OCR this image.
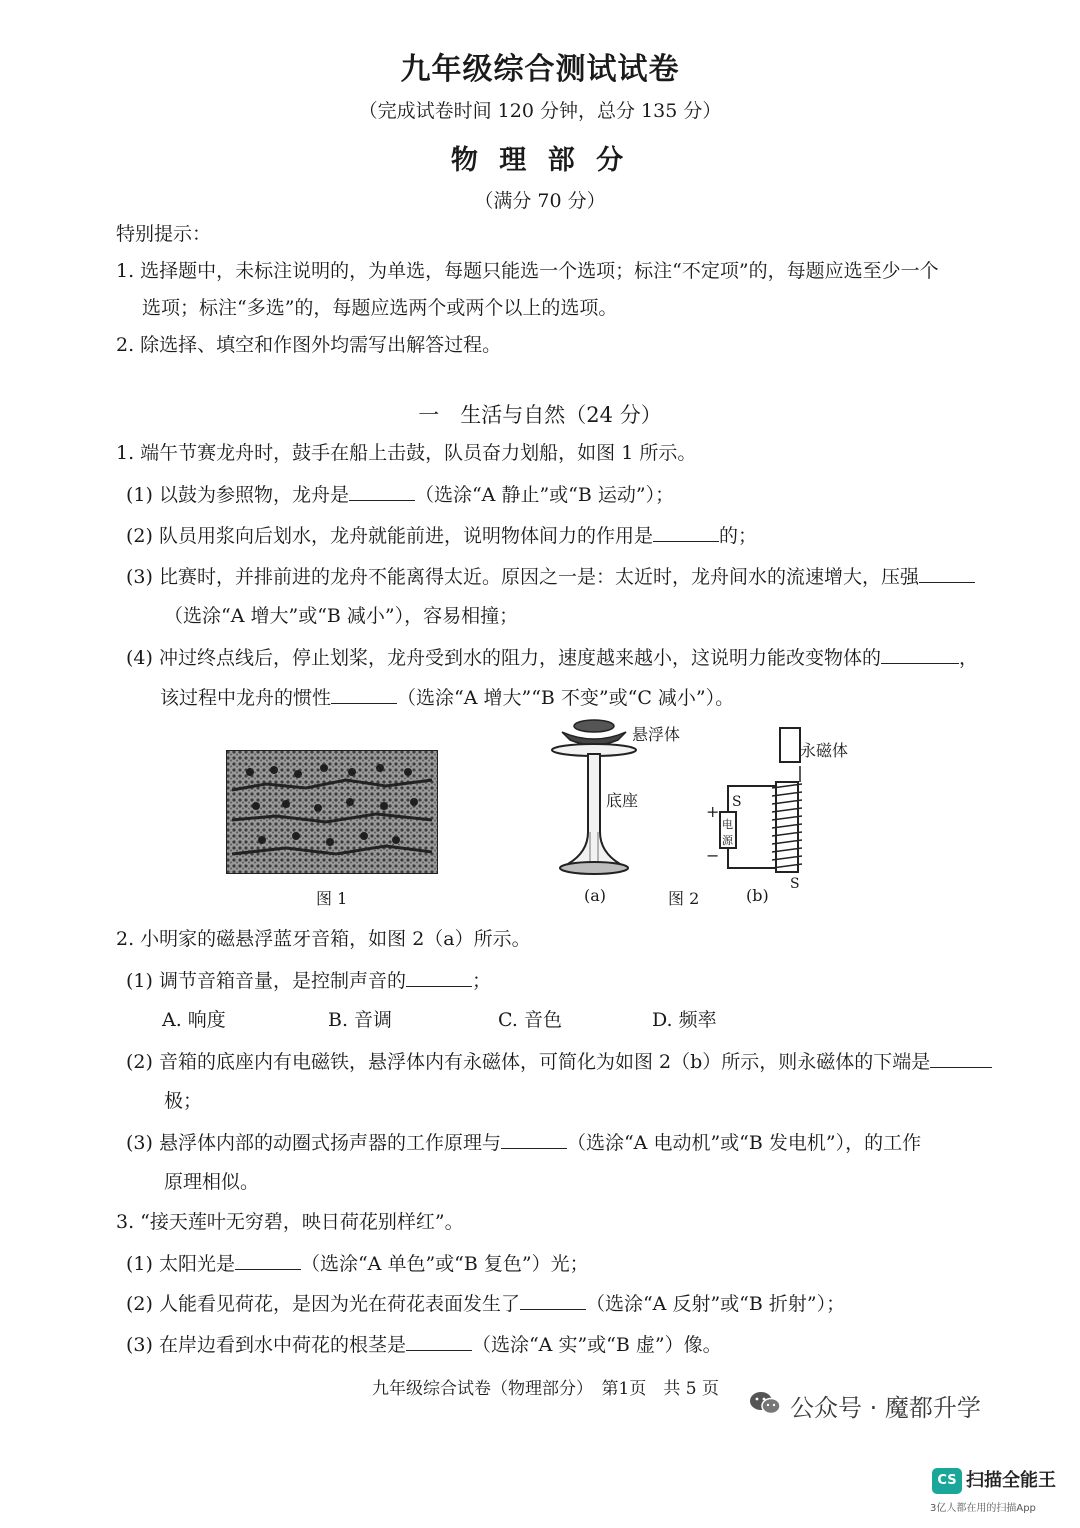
九年级综合测试试卷
（完成试卷时间 120 分钟，总分 135 分）
物 理 部 分
（满分 70 分）
特别提示：
1. 选择题中，未标注说明的，为单选，每题只能选一个选项；标注“不定项”的，每题应选至少一个
选项；标注“多选”的，每题应选两个或两个以上的选项。
2. 除选择、填空和作图外均需写出解答过程。
一　生活与自然（24 分）
1. 端午节赛龙舟时，鼓手在船上击鼓，队员奋力划船，如图 1 所示。
(1) 以鼓为参照物，龙舟是	（选涂“A 静止”或“B 运动”）；
(2) 队员用浆向后划水，龙舟就能前进，说明物体间力的作用是	的；
(3) 比赛时，并排前进的龙舟不能离得太近。原因之一是：太近时，龙舟间水的流速增大，压强
（选涂“A 增大”或“B 减小”），容易相撞；
(4) 冲过终点线后，停止划桨，龙舟受到水的阻力，速度越来越小，这说明力能改变物体的	，
该过程中龙舟的惯性	（选涂“A 增大”“B 不变”或“C 减小”）。
图 1
悬浮体
底座
(a)	图 2
永磁体
S
S
+
−
电
源
(b)
2. 小明家的磁悬浮蓝牙音箱，如图 2（a）所示。
(1) 调节音箱音量，是控制声音的	；
A. 响度	B. 音调	C. 音色	D. 频率
(2) 音箱的底座内有电磁铁，悬浮体内有永磁体，可简化为如图 2（b）所示，则永磁体的下端是
极；
(3) 悬浮体内部的动圈式扬声器的工作原理与	（选涂“A 电动机”或“B 发电机”），的工作
原理相似。
3. “接天莲叶无穷碧，映日荷花别样红”。
(1) 太阳光是	（选涂“A 单色”或“B 复色”）光；
(2) 人能看见荷花，是因为光在荷花表面发生了	（选涂“A 反射”或“B 折射”）；
(3) 在岸边看到水中荷花的根茎是	（选涂“A 实”或“B 虚”）像。
九年级综合试卷（物理部分）　第1页　共 5 页
公众号 · 魔都升学
CS 扫描全能王
3亿人都在用的扫描App
